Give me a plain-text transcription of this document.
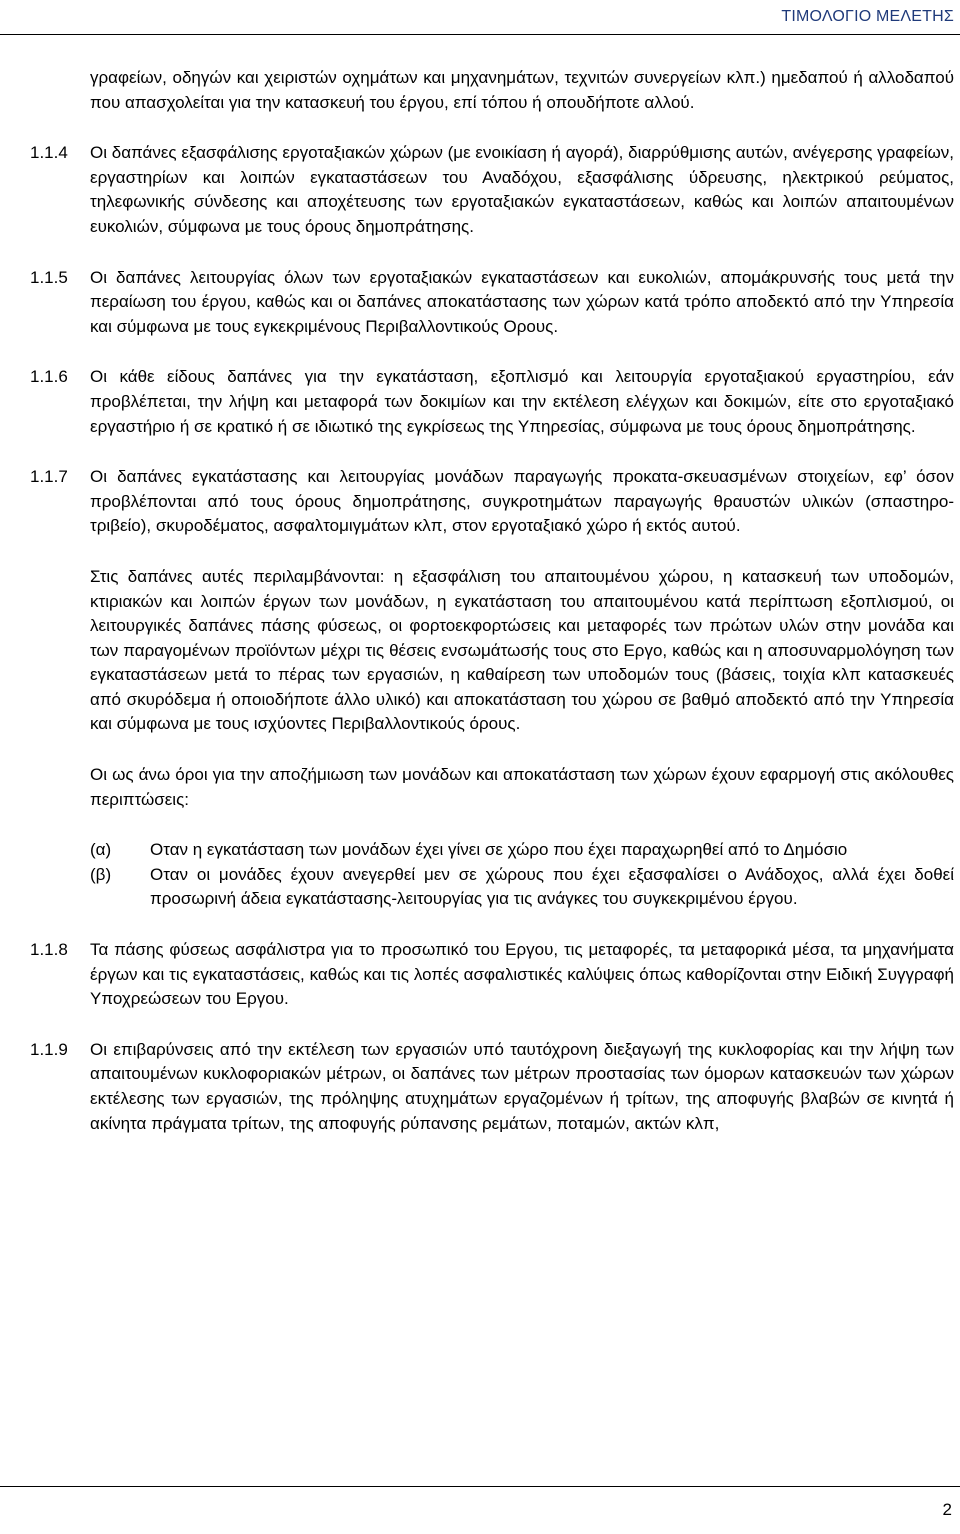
ΤΙΜΟΛΟΓΙΟ ΜΕΛΕΤΗΣ
γραφείων, οδηγών και χειριστών οχημάτων και μηχανημάτων, τεχνιτών συνεργείων κλπ.) ημεδαπού ή αλλοδαπού που απασχολείται για την κατασκευή του έργου, επί τόπου ή οπουδήποτε αλλού.
1.1.4	Οι δαπάνες εξασφάλισης εργοταξιακών χώρων (με ενοικίαση ή αγορά), διαρρύθμισης αυτών, ανέγερσης γραφείων, εργαστηρίων και λοιπών εγκαταστάσεων του Αναδόχου, εξασφάλισης ύδρευσης, ηλεκτρικού ρεύματος, τηλεφωνικής σύνδεσης και αποχέτευσης των εργοταξιακών εγκαταστάσεων, καθώς και λοιπών απαιτουμένων ευκολιών, σύμφωνα με τους όρους δημοπράτησης.
1.1.5	Οι δαπάνες λειτουργίας όλων των εργοταξιακών εγκαταστάσεων και ευκολιών, απομάκρυνσής τους μετά την περαίωση του έργου, καθώς και οι δαπάνες αποκατάστασης των χώρων κατά τρόπο αποδεκτό από την Υπηρεσία και σύμφωνα με τους εγκεκριμένους Περιβαλλοντικούς Ορους.
1.1.6	Οι κάθε είδους δαπάνες για την εγκατάσταση, εξοπλισμό και λειτουργία εργοταξιακού εργαστηρίου, εάν προβλέπεται, την λήψη και μεταφορά των δοκιμίων και την εκτέλεση ελέγχων και δοκιμών, είτε στο εργοταξιακό εργαστήριο ή σε κρατικό ή σε ιδιωτικό της εγκρίσεως της Υπηρεσίας, σύμφωνα με τους όρους δημοπράτησης.
1.1.7	Οι δαπάνες εγκατάστασης και λειτουργίας μονάδων παραγωγής προκατα-σκευασμένων στοιχείων, εφ’ όσον προβλέπονται από τους όρους δημοπράτησης, συγκροτημάτων παραγωγής θραυστών υλικών (σπαστηρο-τριβείο), σκυροδέματος, ασφαλτομιγμάτων κλπ, στον εργοταξιακό χώρο ή εκτός αυτού.
Στις δαπάνες αυτές περιλαμβάνονται: η εξασφάλιση του απαιτουμένου χώρου, η κατασκευή των υποδομών, κτιριακών και λοιπών έργων των μονάδων, η εγκατάσταση του απαιτουμένου κατά περίπτωση εξοπλισμού, οι λειτουργικές δαπάνες πάσης φύσεως, οι φορτοεκφορτώσεις και μεταφορές των πρώτων υλών στην μονάδα και των παραγομένων προϊόντων μέχρι τις θέσεις ενσωμάτωσής τους στο Εργο, καθώς και η αποσυναρμολόγηση των εγκαταστάσεων μετά το πέρας των εργασιών, η καθαίρεση των υποδομών τους (βάσεις, τοιχία κλπ κατασκευές από σκυρόδεμα ή οποιοδήποτε άλλο υλικό) και αποκατάσταση του χώρου σε βαθμό αποδεκτό από την Υπηρεσία και σύμφωνα με τους ισχύοντες Περιβαλλοντικούς όρους.
Οι ως άνω όροι για την αποζήμιωση των μονάδων και αποκατάσταση των χώρων έχουν εφαρμογή στις ακόλουθες περιπτώσεις:
(α)	Οταν η εγκατάσταση των μονάδων έχει γίνει σε χώρο που έχει παραχωρηθεί από το Δημόσιο
(β)	Οταν οι μονάδες έχουν ανεγερθεί μεν σε χώρους που έχει εξασφαλίσει ο Ανάδοχος, αλλά έχει δοθεί προσωρινή άδεια εγκατάστασης-λειτουργίας για τις ανάγκες του συγκεκριμένου έργου.
1.1.8	Τα πάσης φύσεως ασφάλιστρα για το προσωπικό του Εργου, τις μεταφορές, τα μεταφορικά μέσα, τα μηχανήματα έργων και τις εγκαταστάσεις, καθώς και τις λοπές ασφαλιστικές καλύψεις όπως καθορίζονται στην Ειδική Συγγραφή Υποχρεώσεων του Εργου.
1.1.9	Οι επιβαρύνσεις από την εκτέλεση των εργασιών υπό ταυτόχρονη διεξαγωγή της κυκλοφορίας και την λήψη των απαιτουμένων κυκλοφοριακών μέτρων, οι δαπάνες των μέτρων προστασίας των όμορων κατασκευών των χώρων εκτέλεσης των εργασιών, της πρόληψης ατυχημάτων εργαζομένων ή τρίτων, της αποφυγής βλαβών σε κινητά ή ακίνητα πράγματα τρίτων, της αποφυγής ρύπανσης ρεμάτων, ποταμών, ακτών κλπ,
2
